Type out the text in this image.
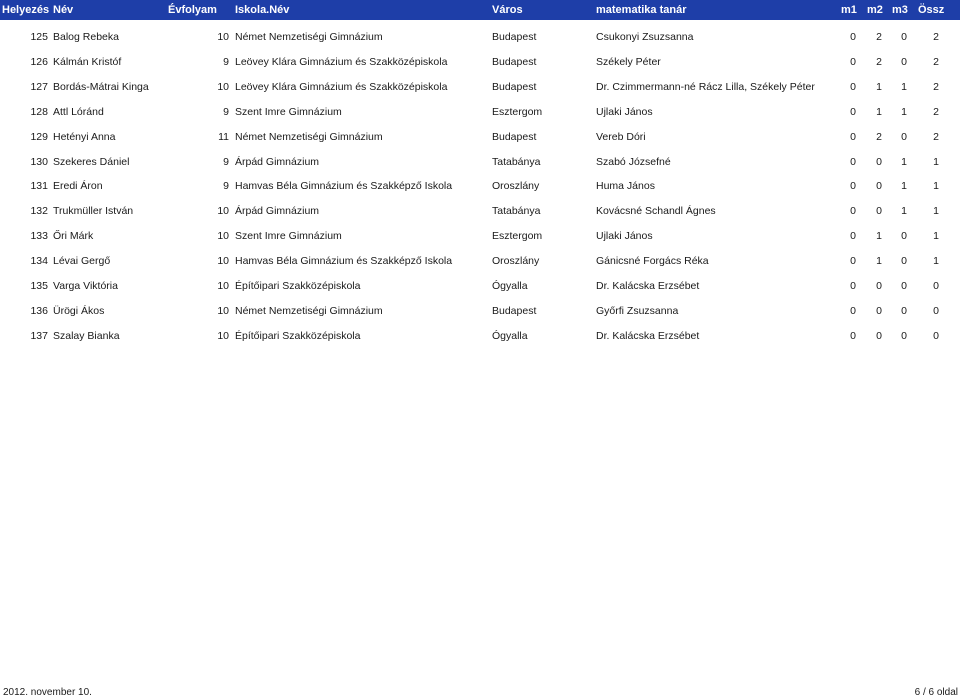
Helyezés Név	Évfolyam Iskola.Név	Város	matematika tanár	m1 m2 m3 Össz
125 Balog Rebeka	10 Német Nemzetiségi Gimnázium	Budapest	Csukonyi Zsuzsanna	0	2	0	2
126 Kálmán Kristóf	9 Leövey Klára Gimnázium és Szakközépiskola	Budapest	Székely Péter	0	2	0	2
127 Bordás-Mátrai Kinga	10 Leövey Klára Gimnázium és Szakközépiskola	Budapest	Dr. Czimmermann-né Rácz Lilla, Székely Péter	0	1	1	2
128 Attl Lóránd	9 Szent Imre Gimnázium	Esztergom	Ujlaki János	0	1	1	2
129 Hetényi Anna	11 Német Nemzetiségi Gimnázium	Budapest	Vereb Dóri	0	2	0	2
130 Szekeres Dániel	9 Árpád Gimnázium	Tatabánya	Szabó Józsefné	0	0	1	1
131 Eredi Áron	9 Hamvas Béla Gimnázium és Szakképző Iskola	Oroszlány	Huma János	0	0	1	1
132 Trukmüller István	10 Árpád Gimnázium	Tatabánya	Kovácsné Schandl Ágnes	0	0	1	1
133 Őri Márk	10 Szent Imre Gimnázium	Esztergom	Ujlaki János	0	1	0	1
134 Lévai Gergő	10 Hamvas Béla Gimnázium és Szakképző Iskola	Oroszlány	Gánicsné Forgács Réka	0	1	0	1
135 Varga Viktória	10 Építőipari Szakközépiskola	Ógyalla	Dr. Kalácska Erzsébet	0	0	0	0
136 Ürögi Ákos	10 Német Nemzetiségi Gimnázium	Budapest	Győrfi Zsuzsanna	0	0	0	0
137 Szalay Bianka	10 Építőipari Szakközépiskola	Ógyalla	Dr. Kalácska Erzsébet	0	0	0	0
2012. november 10.	6 / 6 oldal
